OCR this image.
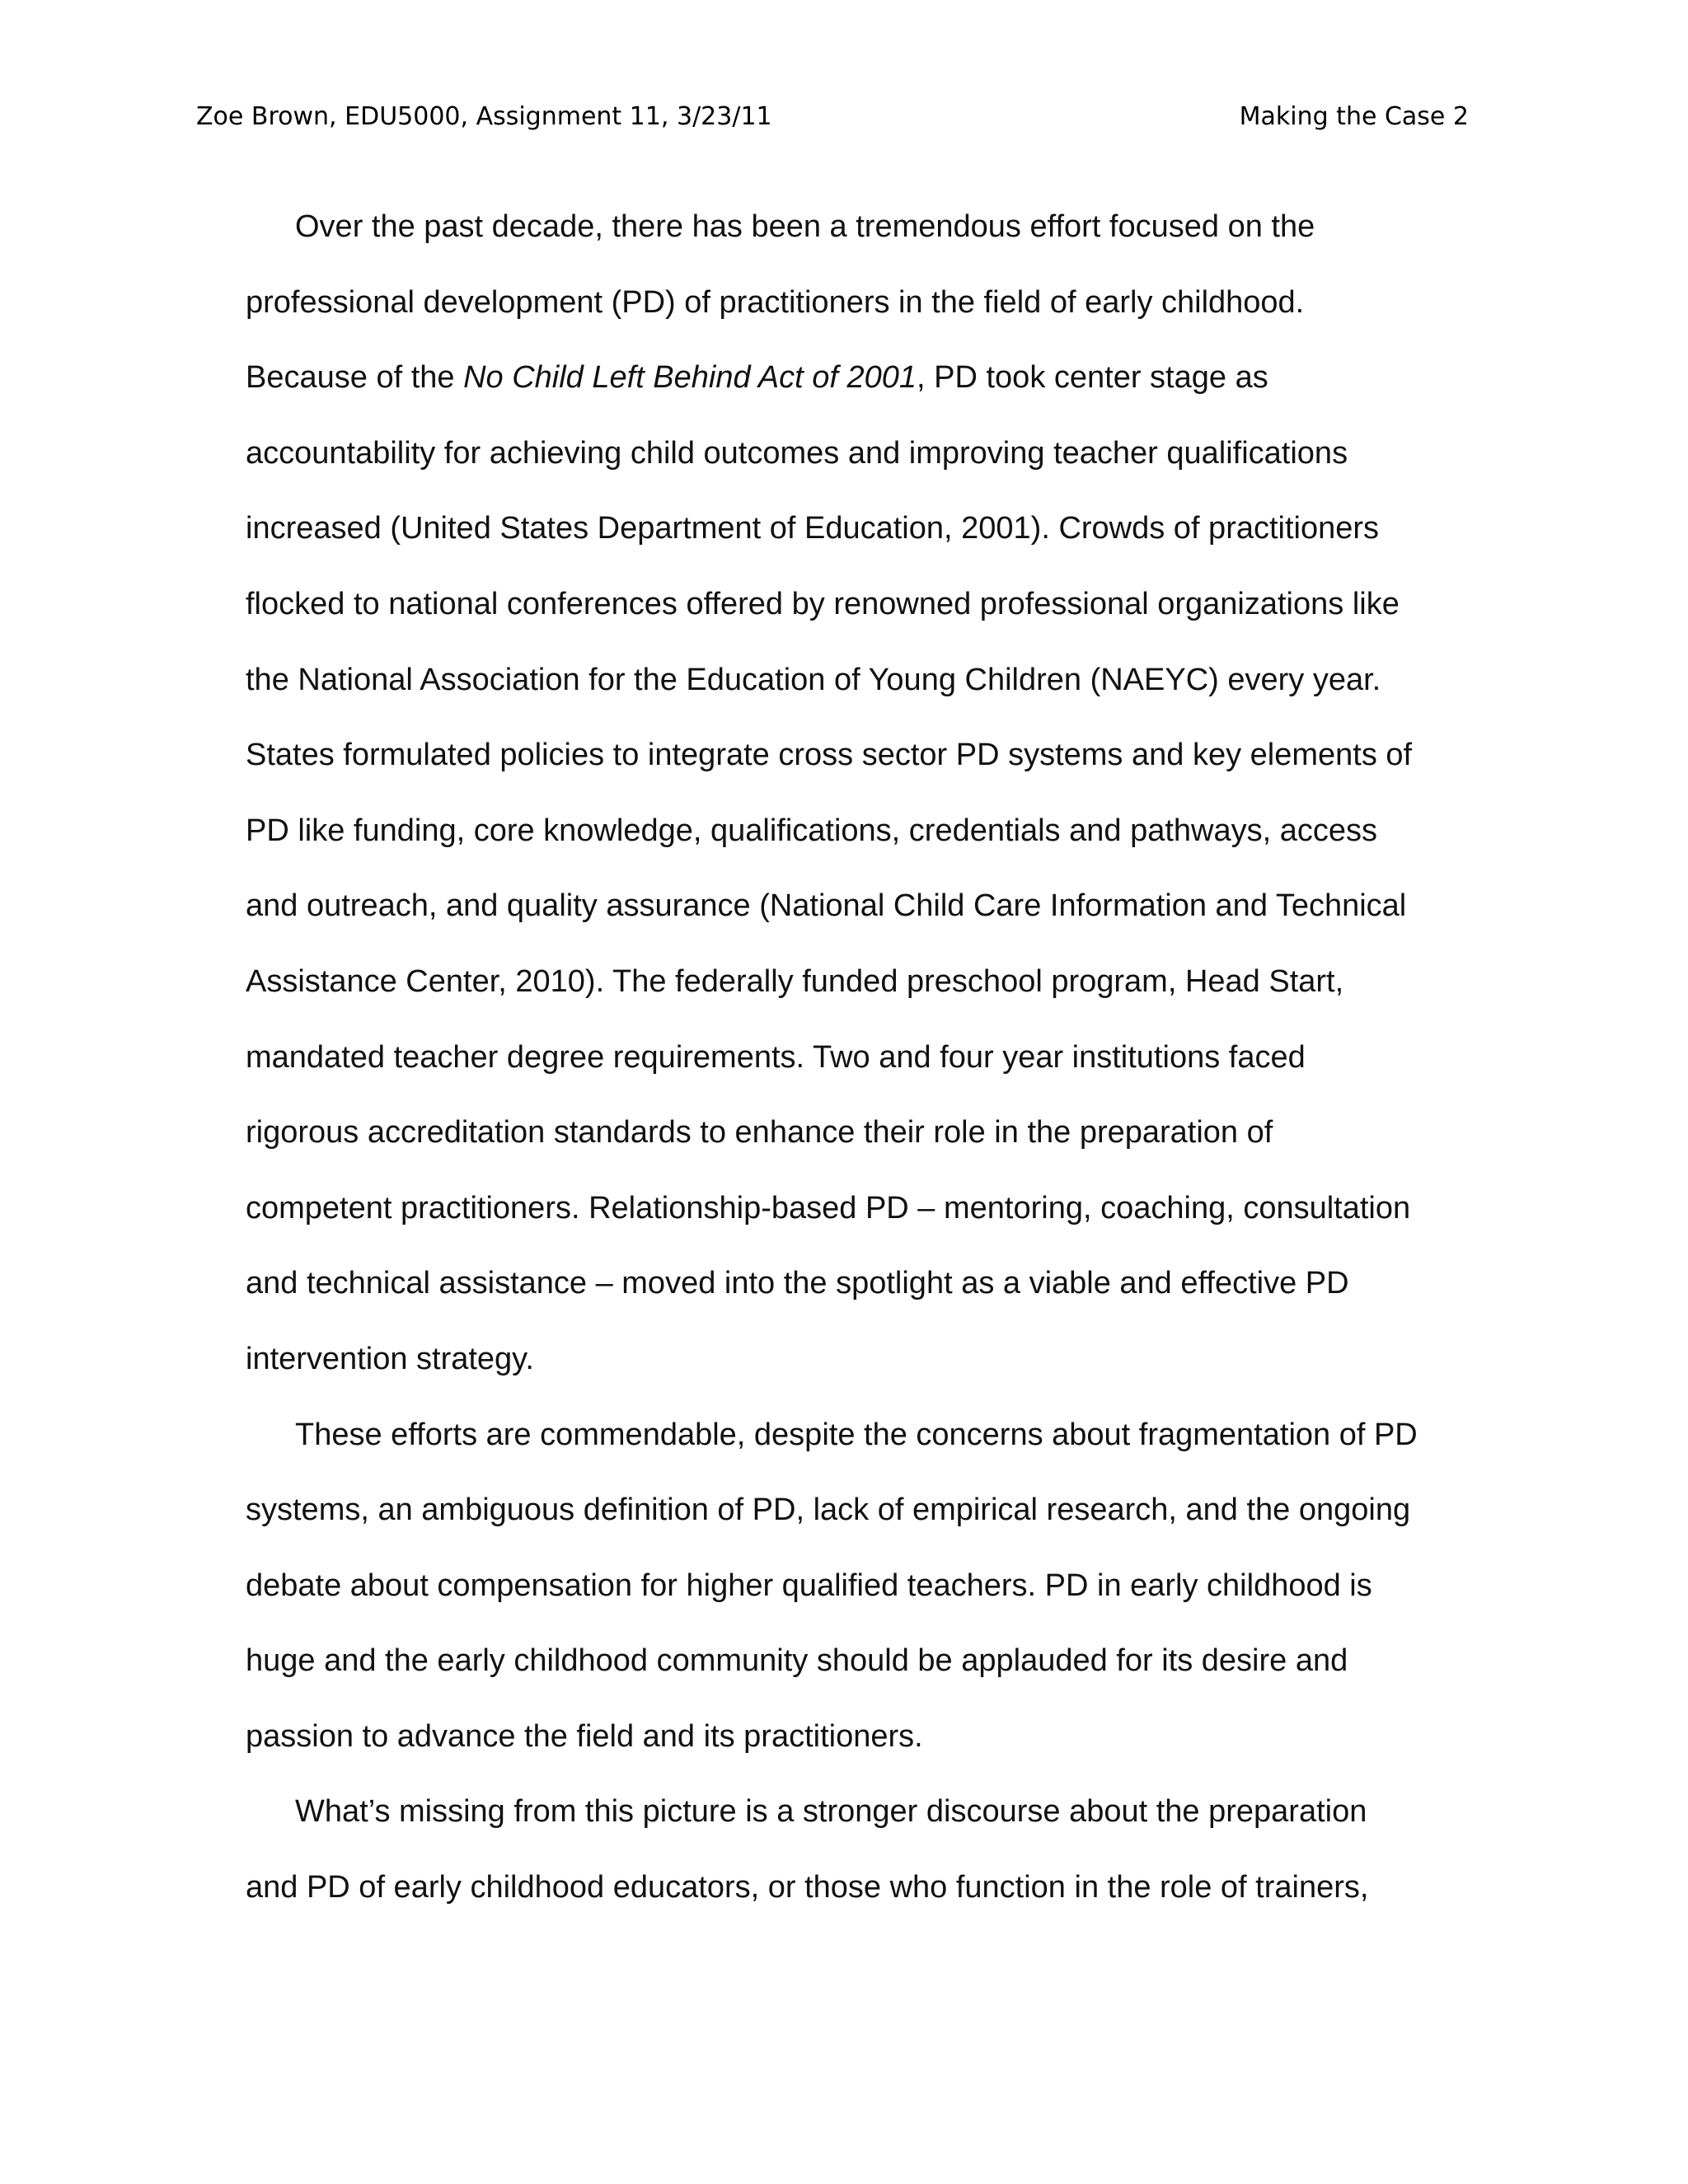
Zoe Brown, EDU5000, Assignment 11, 3/23/11	Making the Case 2
Over the past decade, there has been a tremendous effort focused on the
professional development (PD) of practitioners in the field of early childhood.
Because of the No Child Left Behind Act of 2001, PD took center stage as
accountability for achieving child outcomes and improving teacher qualifications
increased (United States Department of Education, 2001). Crowds of practitioners
flocked to national conferences offered by renowned professional organizations like
the National Association for the Education of Young Children (NAEYC) every year.
States formulated policies to integrate cross sector PD systems and key elements of
PD like funding, core knowledge, qualifications, credentials and pathways, access
and outreach, and quality assurance (National Child Care Information and Technical
Assistance Center, 2010). The federally funded preschool program, Head Start,
mandated teacher degree requirements. Two and four year institutions faced
rigorous accreditation standards to enhance their role in the preparation of
competent practitioners. Relationship-based PD – mentoring, coaching, consultation
and technical assistance – moved into the spotlight as a viable and effective PD
intervention strategy.
These efforts are commendable, despite the concerns about fragmentation of PD
systems, an ambiguous definition of PD, lack of empirical research, and the ongoing
debate about compensation for higher qualified teachers. PD in early childhood is
huge and the early childhood community should be applauded for its desire and
passion to advance the field and its practitioners.
What’s missing from this picture is a stronger discourse about the preparation
and PD of early childhood educators, or those who function in the role of trainers,
